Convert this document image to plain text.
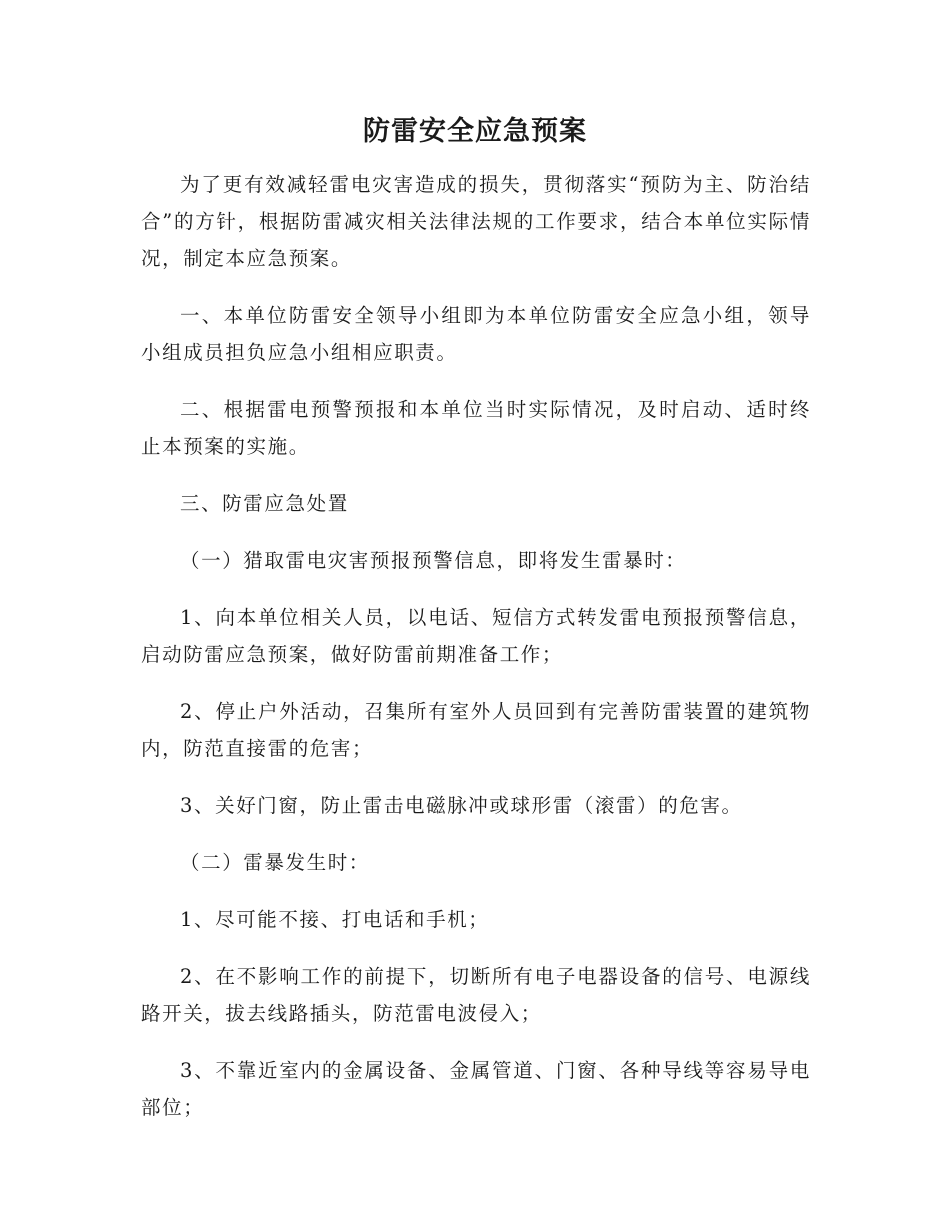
防雷安全应急预案

为了更有效减轻雷电灾害造成的损失，贯彻落实“预防为主、防治结合”的方针，根据防雷减灾相关法律法规的工作要求，结合本单位实际情况，制定本应急预案。

一、本单位防雷安全领导小组即为本单位防雷安全应急小组，领导小组成员担负应急小组相应职责。

二、根据雷电预警预报和本单位当时实际情况，及时启动、适时终止本预案的实施。

三、防雷应急处置

（一）猎取雷电灾害预报预警信息，即将发生雷暴时：

1、向本单位相关人员，以电话、短信方式转发雷电预报预警信息，启动防雷应急预案，做好防雷前期准备工作；

2、停止户外活动，召集所有室外人员回到有完善防雷装置的建筑物内，防范直接雷的危害；

3、关好门窗，防止雷击电磁脉冲或球形雷（滚雷）的危害。

（二）雷暴发生时：

1、尽可能不接、打电话和手机；

2、在不影响工作的前提下，切断所有电子电器设备的信号、电源线路开关，拔去线路插头，防范雷电波侵入；

3、不靠近室内的金属设备、金属管道、门窗、各种导线等容易导电部位；
